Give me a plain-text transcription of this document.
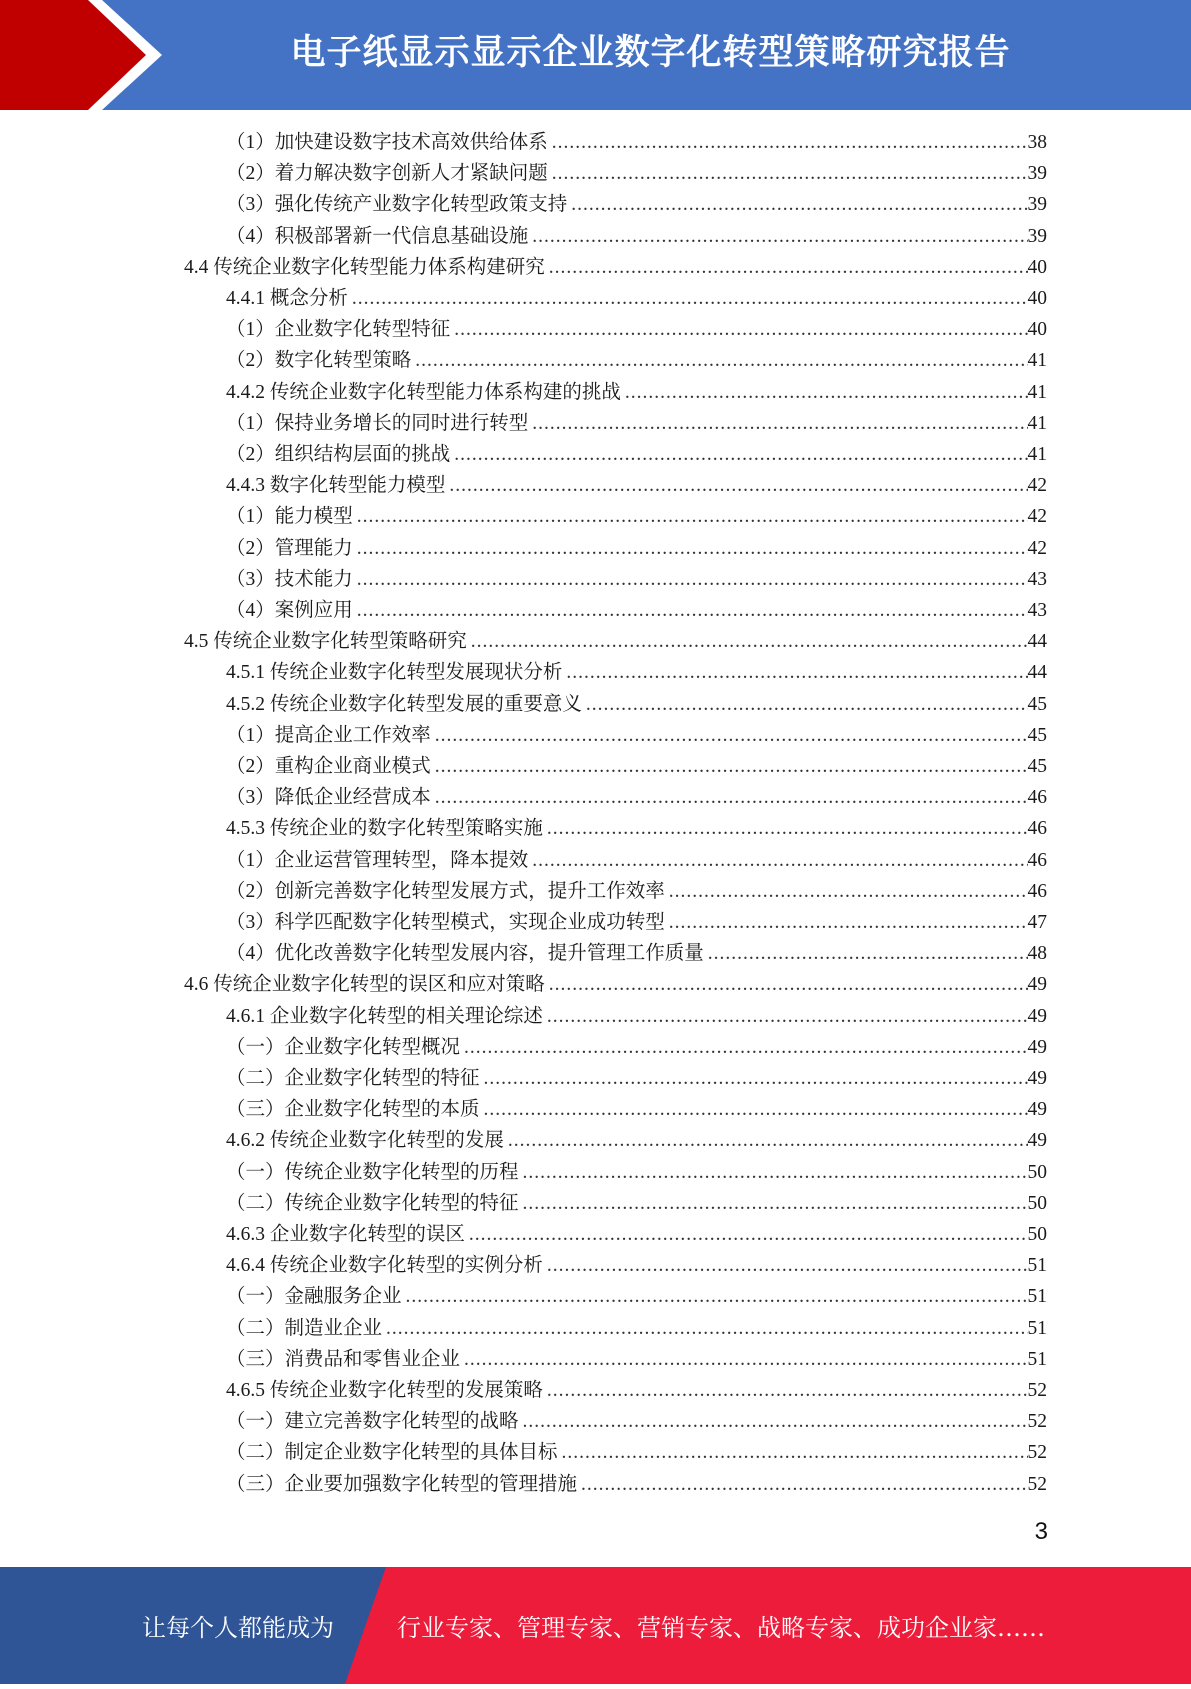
电子纸显示显示企业数字化转型策略研究报告
（1）加快建设数字技术高效供给体系 .....	38
（2）着力解决数字创新人才紧缺问题 .....	39
（3）强化传统产业数字化转型政策支持 .....	39
（4）积极部署新一代信息基础设施 .....	39
4.4 传统企业数字化转型能力体系构建研究 .....	40
4.4.1 概念分析 .....	40
（1）企业数字化转型特征 .....	40
（2）数字化转型策略 .....	41
4.4.2 传统企业数字化转型能力体系构建的挑战 .....	41
（1）保持业务增长的同时进行转型 .....	41
（2）组织结构层面的挑战 .....	41
4.4.3 数字化转型能力模型 .....	42
（1）能力模型 .....	42
（2）管理能力 .....	42
（3）技术能力 .....	43
（4）案例应用 .....	43
4.5 传统企业数字化转型策略研究 .....	44
4.5.1 传统企业数字化转型发展现状分析 .....	44
4.5.2 传统企业数字化转型发展的重要意义 .....	45
（1）提高企业工作效率 .....	45
（2）重构企业商业模式 .....	45
（3）降低企业经营成本 .....	46
4.5.3 传统企业的数字化转型策略实施 .....	46
（1）企业运营管理转型，降本提效 .....	46
（2）创新完善数字化转型发展方式，提升工作效率 .....	46
（3）科学匹配数字化转型模式，实现企业成功转型 .....	47
（4）优化改善数字化转型发展内容，提升管理工作质量 .....	48
4.6 传统企业数字化转型的误区和应对策略 .....	49
4.6.1 企业数字化转型的相关理论综述 .....	49
（一）企业数字化转型概况 .....	49
（二）企业数字化转型的特征 .....	49
（三）企业数字化转型的本质 .....	49
4.6.2 传统企业数字化转型的发展 .....	49
（一）传统企业数字化转型的历程 .....	50
（二）传统企业数字化转型的特征 .....	50
4.6.3 企业数字化转型的误区 .....	50
4.6.4 传统企业数字化转型的实例分析 .....	51
（一）金融服务企业 .....	51
（二）制造业企业 .....	51
（三）消费品和零售业企业 .....	51
4.6.5 传统企业数字化转型的发展策略 .....	52
（一）建立完善数字化转型的战略 .....	52
（二）制定企业数字化转型的具体目标 .....	52
（三）企业要加强数字化转型的管理措施 .....	52
3
让每个人都能成为	行业专家、管理专家、营销专家、战略专家、成功企业家……
